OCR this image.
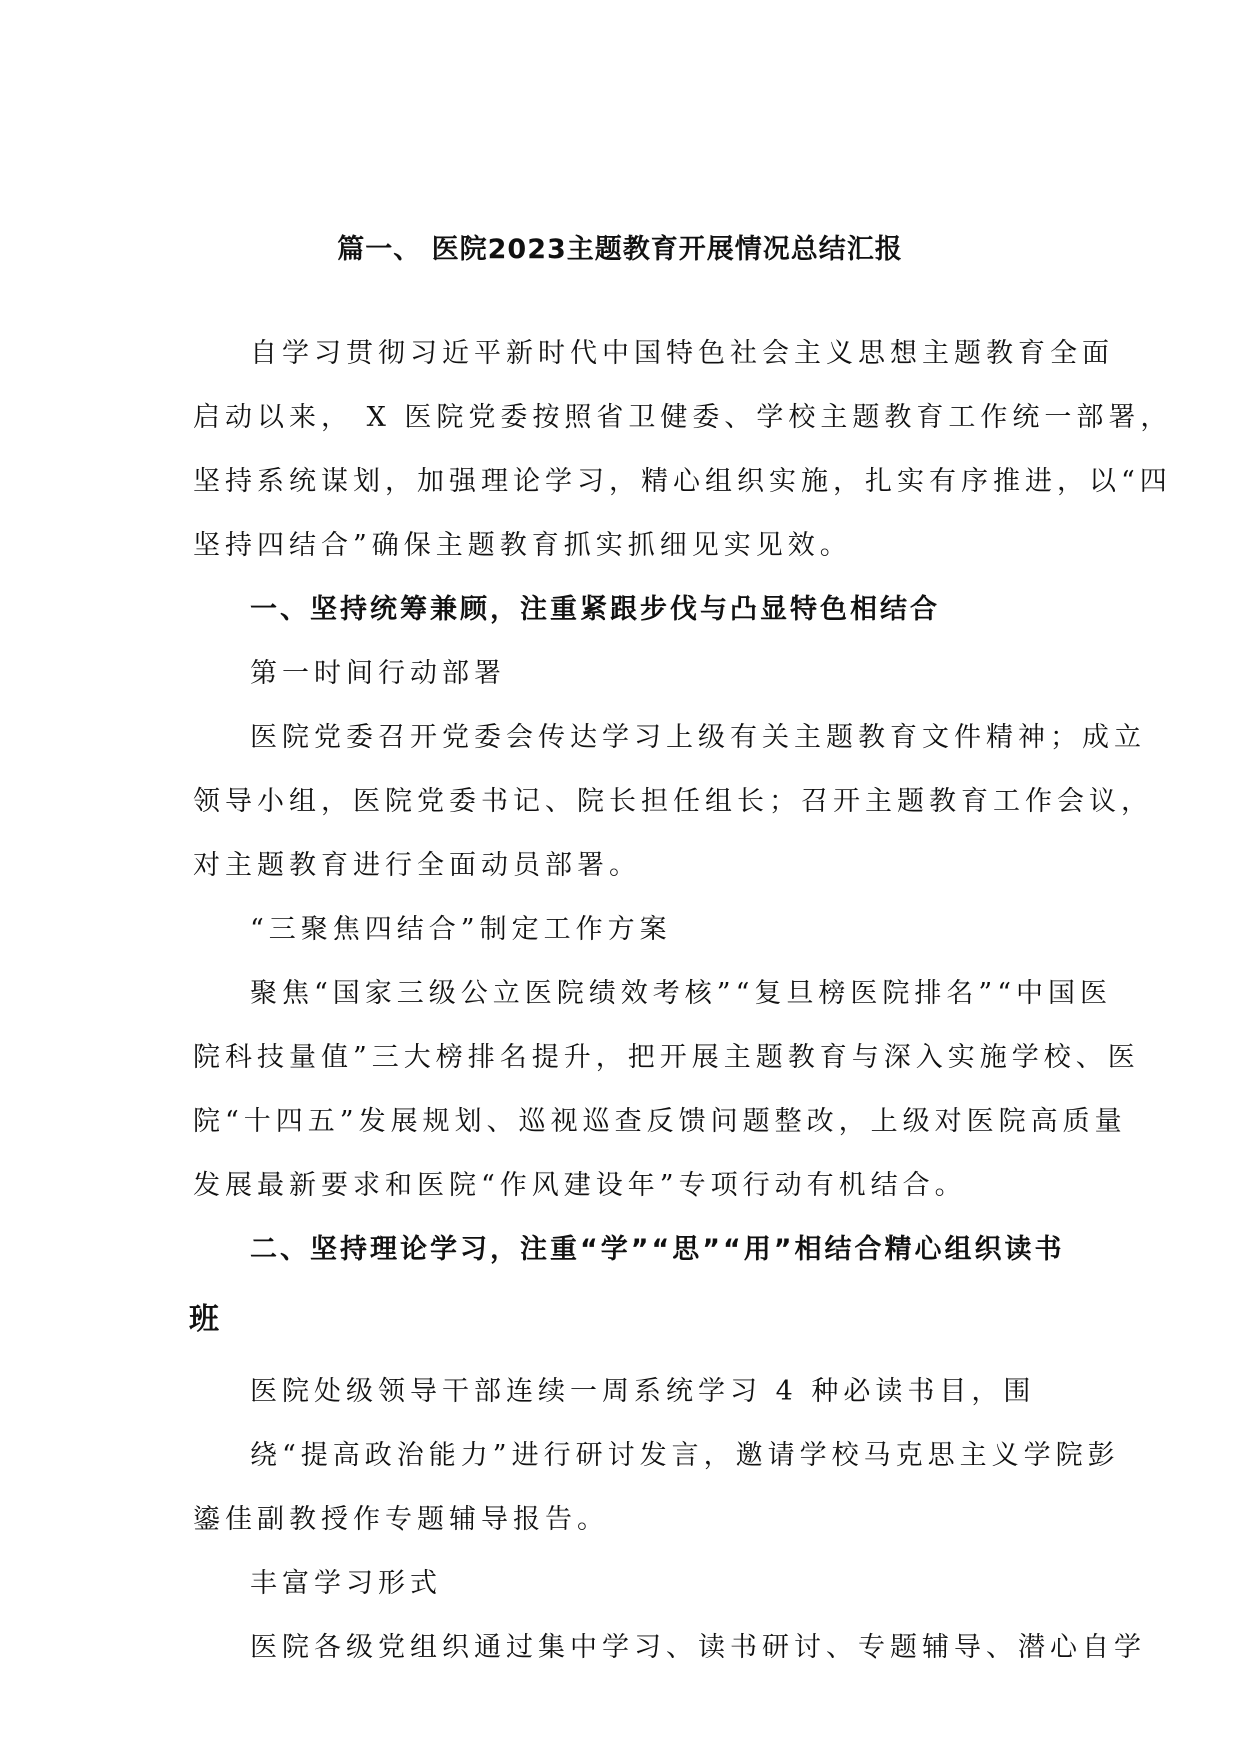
篇一、 医院2023主题教育开展情况总结汇报
自学习贯彻习近平新时代中国特色社会主义思想主题教育全面
启动以来， X 医院党委按照省卫健委、学校主题教育工作统一部署，
坚持系统谋划，加强理论学习，精心组织实施，扎实有序推进，以“四
坚持四结合”确保主题教育抓实抓细见实见效。
一、坚持统筹兼顾，注重紧跟步伐与凸显特色相结合
第一时间行动部署
医院党委召开党委会传达学习上级有关主题教育文件精神；成立
领导小组，医院党委书记、院长担任组长；召开主题教育工作会议，
对主题教育进行全面动员部署。
“三聚焦四结合”制定工作方案
聚焦“国家三级公立医院绩效考核”“复旦榜医院排名”“中国医
院科技量值”三大榜排名提升，把开展主题教育与深入实施学校、医
院“十四五”发展规划、巡视巡查反馈问题整改，上级对医院高质量
发展最新要求和医院“作风建设年”专项行动有机结合。
二、坚持理论学习，注重“学”“思”“用”相结合精心组织读书
班
医院处级领导干部连续一周系统学习 4 种必读书目，围
绕“提高政治能力”进行研讨发言，邀请学校马克思主义学院彭
鎏佳副教授作专题辅导报告。
丰富学习形式
医院各级党组织通过集中学习、读书研讨、专题辅导、潜心自学
